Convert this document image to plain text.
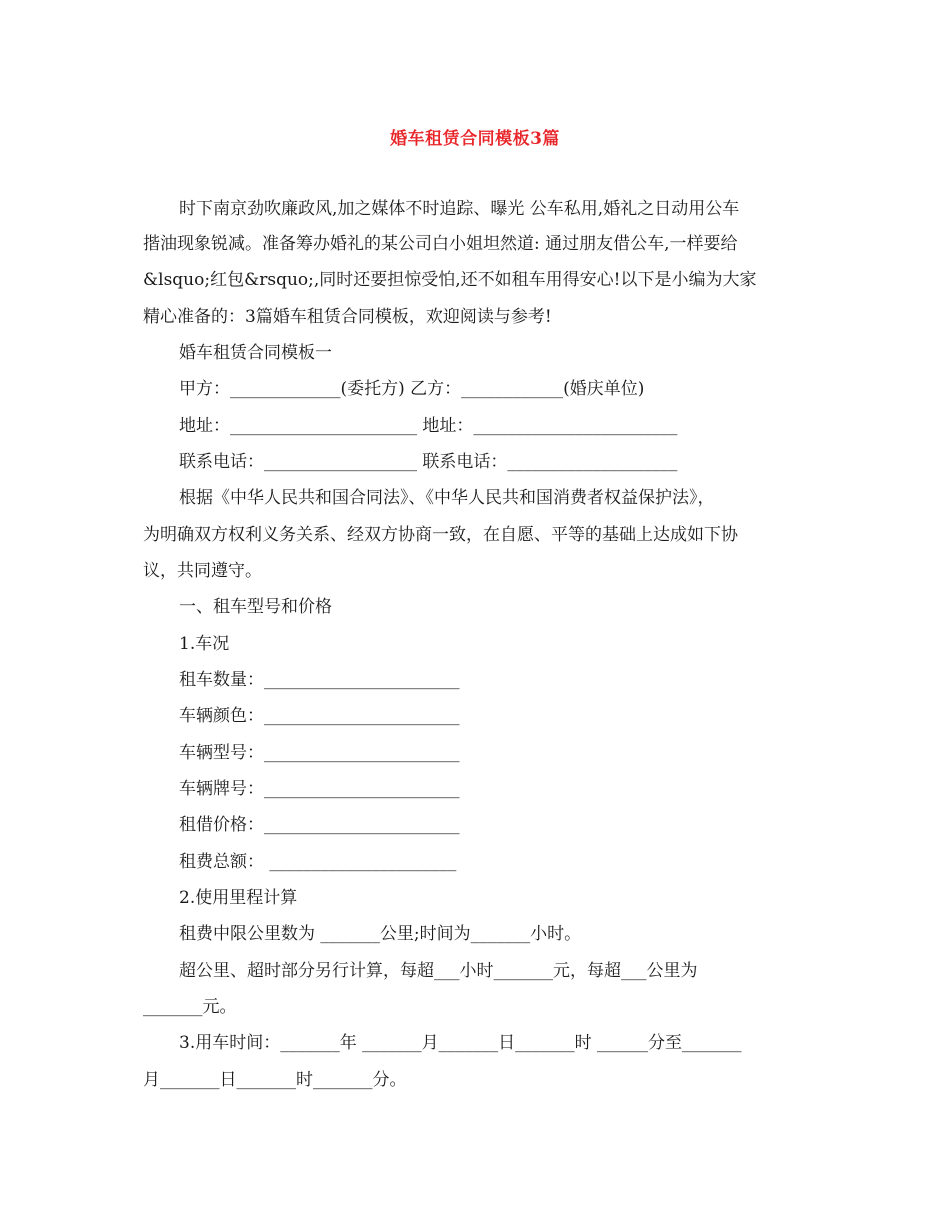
婚车租赁合同模板3篇
时下南京劲吹廉政风,加之媒体不时追踪、曝光 公车私用,婚礼之日动用公车
揩油现象锐减。准备筹办婚礼的某公司白小姐坦然道: 通过朋友借公车,一样要给
&lsquo;红包&rsquo;,同时还要担惊受怕,还不如租车用得安心!以下是小编为大家
精心准备的：3篇婚车租赁合同模板，欢迎阅读与参考!
婚车租赁合同模板一
甲方：_____________(委托方) 乙方：____________(婚庆单位)
地址：______________________ 地址：________________________
联系电话：__________________ 联系电话：____________________
根据《中华人民共和国合同法》、《中华人民共和国消费者权益保护法》，
为明确双方权利义务关系、经双方协商一致，在自愿、平等的基础上达成如下协
议，共同遵守。
一、租车型号和价格
1.车况
租车数量：_______________________
车辆颜色：_______________________
车辆型号：_______________________
车辆牌号：_______________________
租借价格：_______________________
租费总额： ______________________
2.使用里程计算
租费中限公里数为 _______公里;时间为_______小时。
超公里、超时部分另行计算，每超___小时_______元，每超___公里为
_______元。
3.用车时间：_______年 _______月_______日_______时 ______分至_______
月_______日_______时_______分。
